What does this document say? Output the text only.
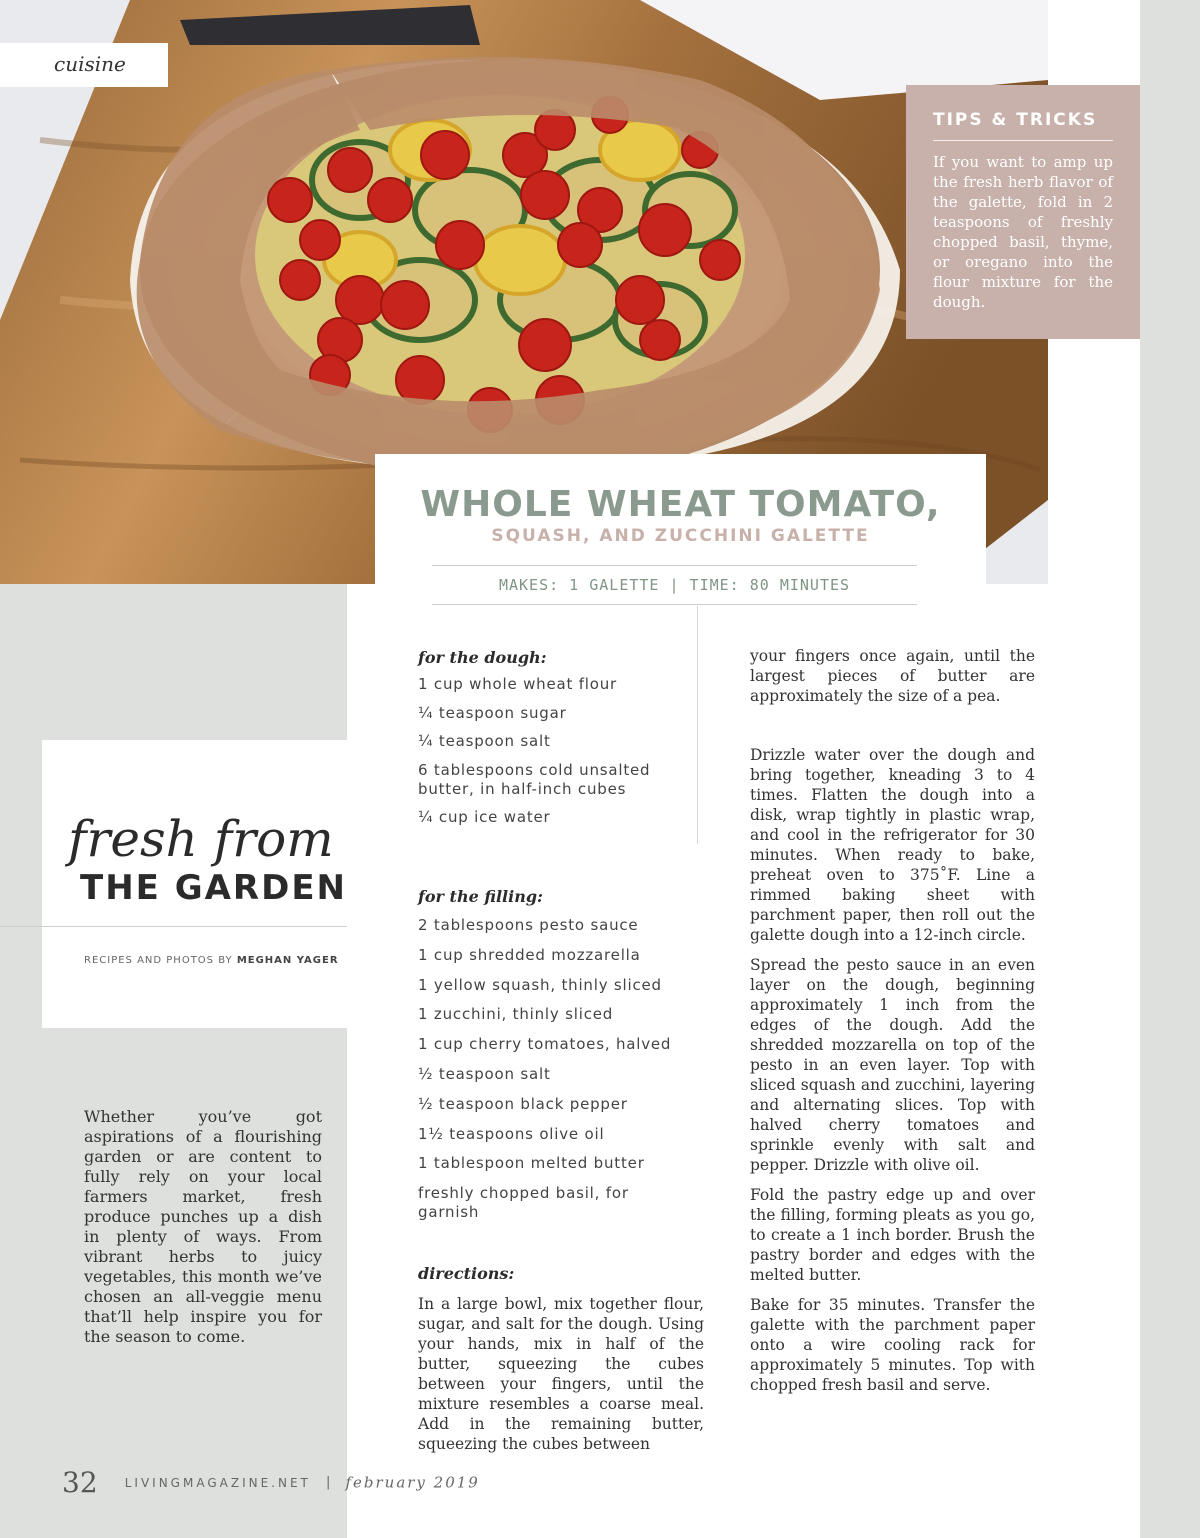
cuisine
TIPS & TRICKS
If you want to amp up the fresh herb flavor of the galette, fold in 2 teaspoons of freshly chopped basil, thyme, or oregano into the flour mixture for the dough.
WHOLE WHEAT TOMATO,
SQUASH, AND ZUCCHINI GALETTE
MAKES: 1 GALETTE | TIME: 80 MINUTES
fresh from
THE GARDEN
RECIPES AND PHOTOS BY MEGHAN YAGER
Whether you’ve got aspirations of a flourishing garden or are content to fully rely on your local farmers market, fresh produce punches up a dish in plenty of ways. From vibrant herbs to juicy vegetables, this month we’ve chosen an all-veggie menu that’ll help inspire you for the season to come.
for the dough:
1 cup whole wheat flour
¼ teaspoon sugar
¼ teaspoon salt
6 tablespoons cold unsalted butter, in half-inch cubes
¼ cup ice water
for the filling:
2 tablespoons pesto sauce
1 cup shredded mozzarella
1 yellow squash, thinly sliced
1 zucchini, thinly sliced
1 cup cherry tomatoes, halved
½ teaspoon salt
½ teaspoon black pepper
1½ teaspoons olive oil
1 tablespoon melted butter
freshly chopped basil, for garnish
directions:

In a large bowl, mix together flour, sugar, and salt for the dough. Using your hands, mix in half of the butter, squeezing the cubes between your fingers, until the mixture resembles a coarse meal. Add in the remaining butter, squeezing the cubes between

your fingers once again, until the largest pieces of butter are approximately the size of a pea.

Drizzle water over the dough and bring together, kneading 3 to 4 times. Flatten the dough into a disk, wrap tightly in plastic wrap, and cool in the refrigerator for 30 minutes. When ready to bake, preheat oven to 375˚F. Line a rimmed baking sheet with parchment paper, then roll out the galette dough into a 12-inch circle.

Spread the pesto sauce in an even layer on the dough, beginning approximately 1 inch from the edges of the dough. Add the shredded mozzarella on top of the pesto in an even layer. Top with sliced squash and zucchini, layering and alternating slices. Top with halved cherry tomatoes and sprinkle evenly with salt and pepper. Drizzle with olive oil.

Fold the pastry edge up and over the filling, forming pleats as you go, to create a 1 inch border. Brush the pastry border and edges with the melted butter.

Bake for 35 minutes. Transfer the galette with the parchment paper onto a wire cooling rack for approximately 5 minutes. Top with chopped fresh basil and serve.

32 LIVINGMAGAZINE.NET | february 2019
